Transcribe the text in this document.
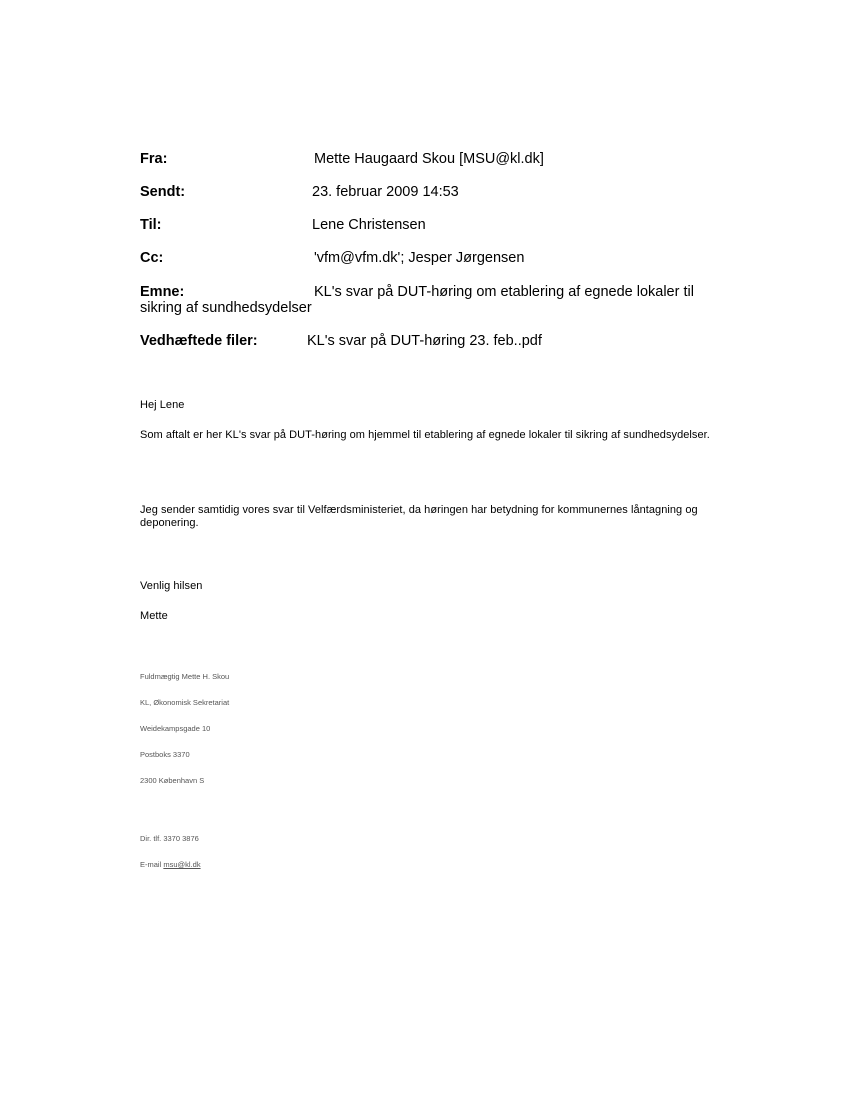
Fra:	Mette Haugaard Skou [MSU@kl.dk]
Sendt:	23. februar 2009 14:53
Til:	Lene Christensen
Cc:	'vfm@vfm.dk'; Jesper Jørgensen
Emne:	KL's svar på DUT-høring om etablering af egnede lokaler til sikring af sundhedsydelser
Vedhæftede filer:	KL's svar på DUT-høring 23. feb..pdf
Hej Lene
Som aftalt er her KL's svar på DUT-høring om hjemmel til etablering af egnede lokaler til sikring af sundhedsydelser.
Jeg sender samtidig vores svar til Velfærdsministeriet, da høringen har betydning for kommunernes låntagning og deponering.
Venlig hilsen
Mette
Fuldmægtig Mette H. Skou
KL, Økonomisk Sekretariat
Weidekampsgade 10
Postboks 3370
2300 København S
Dir. tlf. 3370 3876
E-mail msu@kl.dk
